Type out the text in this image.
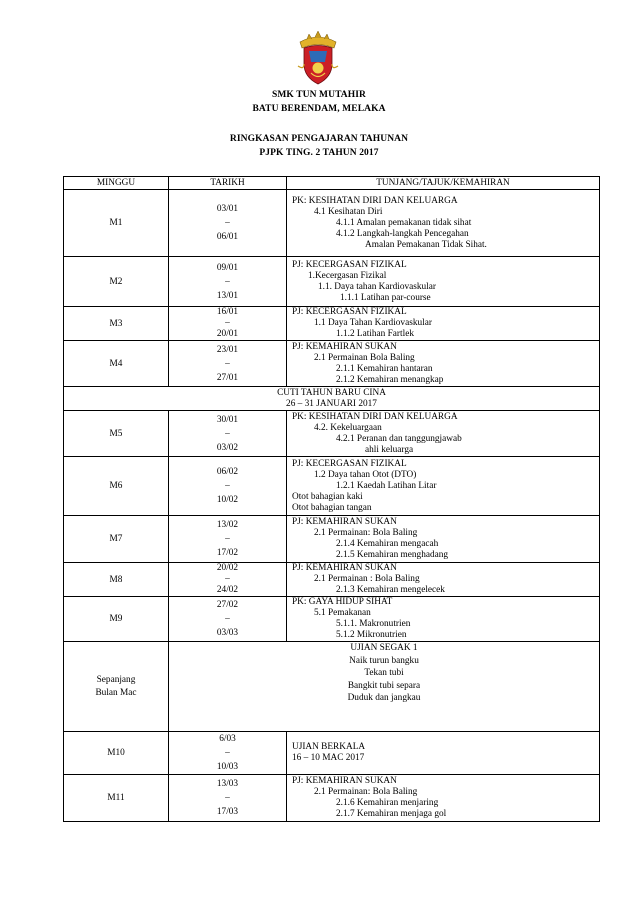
SMK TUN MUTAHIR
BATU BERENDAM, MELAKA
RINGKASAN PENGAJARAN TAHUNAN
PJPK TING. 2 TAHUN 2017
MINGGU	TARIKH	TUNJANG/TAJUK/KEMAHIRAN
M1	03/01
–
06/01	PK: KESIHATAN DIRI DAN KELUARGA
4.1 Kesihatan Diri
4.1.1 Amalan pemakanan tidak sihat
4.1.2 Langkah-langkah Pencegahan
Amalan Pemakanan Tidak Sihat.

M2	09/01
–
13/01	PJ: KECERGASAN FIZIKAL
1.Kecergasan Fizikal
1.1. Daya tahan Kardiovaskular
1.1.1 Latihan par-course

M3	16/01
–
20/01	PJ: KECERGASAN FIZIKAL
1.1 Daya Tahan Kardiovaskular
1.1.2 Latihan Fartlek

M4	23/01
–
27/01	PJ: KEMAHIRAN SUKAN
2.1 Permainan Bola Baling
2.1.1 Kemahiran hantaran
2.1.2 Kemahiran menangkap

CUTI TAHUN BARU CINA
26 – 31 JANUARI 2017		

M5	30/01
–
03/02	PK: KESIHATAN DIRI DAN KELUARGA
4.2. Kekeluargaan
4.2.1 Peranan dan tanggungjawab
ahli keluarga

M6	06/02
–
10/02	PJ: KECERGASAN FIZIKAL
1.2 Daya tahan Otot (DTO)
1.2.1 Kaedah Latihan Litar
Otot bahagian kaki
Otot bahagian tangan

M7	13/02
–
17/02	PJ: KEMAHIRAN SUKAN
2.1 Permainan: Bola Baling
2.1.4 Kemahiran mengacah
2.1.5 Kemahiran menghadang

M8	20/02
–
24/02	PJ: KEMAHIRAN SUKAN
2.1 Permainan : Bola Baling
2.1.3 Kemahiran mengelecek

M9	27/02
–
03/03	PK: GAYA HIDUP SIHAT
5.1 Pemakanan
5.1.1. Makronutrien
5.1.2 Mikronutrien

Sepanjang
Bulan Mac	UJIAN SEGAK 1
Naik turun bangku
Tekan tubi
Bangkit tubi separa
Duduk dan jangkau	

M10	6/03
–
10/03	UJIAN BERKALA
16 – 10 MAC 2017

M11	13/03
–
17/03	PJ: KEMAHIRAN SUKAN
2.1 Permainan: Bola Baling
2.1.6 Kemahiran menjaring
2.1.7 Kemahiran menjaga gol
